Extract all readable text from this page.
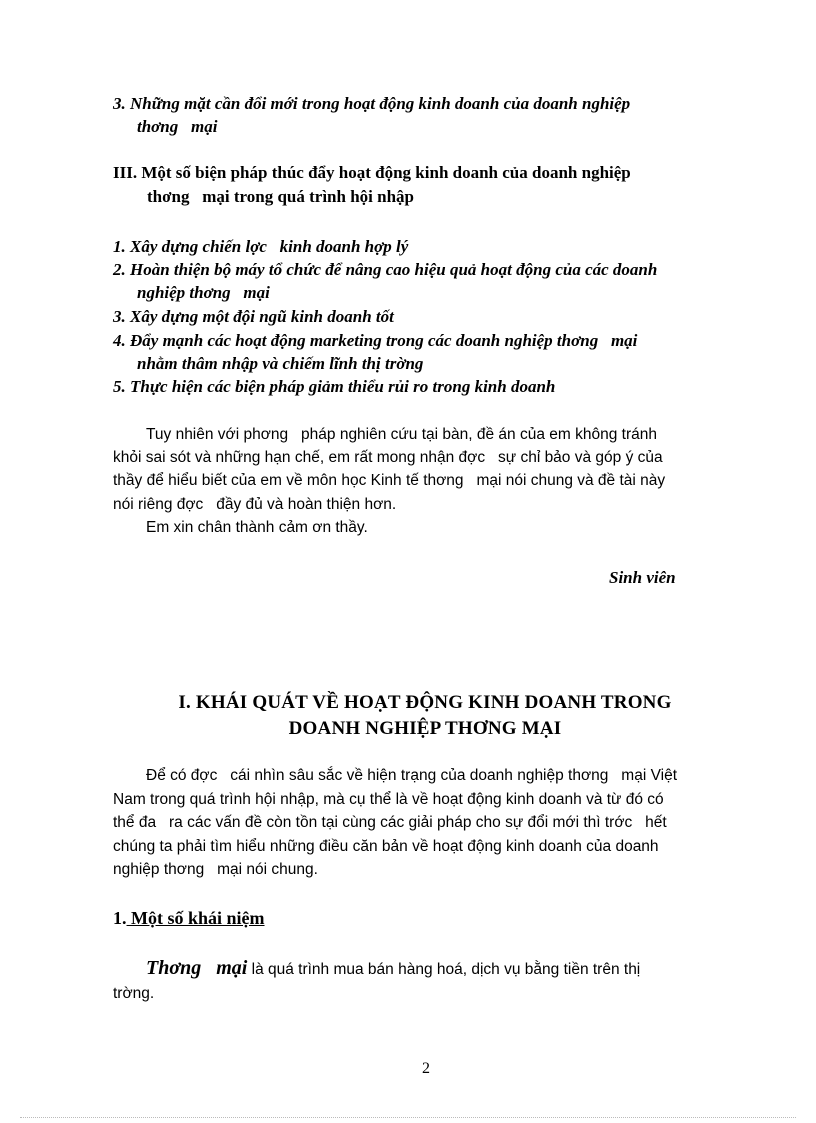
3. Những mặt cần đổi mới trong hoạt động kinh doanh của doanh nghiệp
thơng   mại
III. Một số biện pháp thúc đẩy hoạt động kinh doanh của doanh nghiệp
thơng   mại trong quá trình hội nhập
1. Xây dựng chiến lợc   kinh doanh hợp lý
2. Hoàn thiện bộ máy tổ chức để nâng cao hiệu quả hoạt động của các doanh
nghiệp thơng   mại
3. Xây dựng một đội ngũ kinh doanh tốt
4. Đẩy mạnh các hoạt động marketing trong các doanh nghiệp thơng   mại
nhằm thâm nhập và chiếm lĩnh thị trờng
5. Thực hiện các biện pháp giảm thiểu rủi ro trong kinh doanh
Tuy nhiên với phơng   pháp nghiên cứu tại bàn, đề án của em không tránh
khỏi sai sót và những hạn chế, em rất mong nhận đợc   sự chỉ bảo và góp ý của
thầy để hiểu biết của em về môn học Kinh tế thơng   mại nói chung và đề tài này
nói riêng đợc   đầy đủ và hoàn thiện hơn.
Em xin chân thành cảm ơn thầy.
Sinh viên
I. KHÁI QUÁT VỀ HOẠT ĐỘNG KINH DOANH TRONG
DOANH NGHIỆP THƠNG MẠI
Để có đợc   cái nhìn sâu sắc về hiện trạng của doanh nghiệp thơng   mại Việt
Nam trong quá trình hội nhập, mà cụ thể là về hoạt động kinh doanh và từ đó có
thể đa   ra các vấn đề còn tồn tại cùng các giải pháp cho sự đổi mới thì trớc   hết
chúng ta phải tìm hiểu những điều căn bản về hoạt động kinh doanh của doanh
nghiệp thơng   mại nói chung.
1. Một số khái niệm
Thơng   mại là quá trình mua bán hàng hoá, dịch vụ bằng tiền trên thị
trờng.
2
